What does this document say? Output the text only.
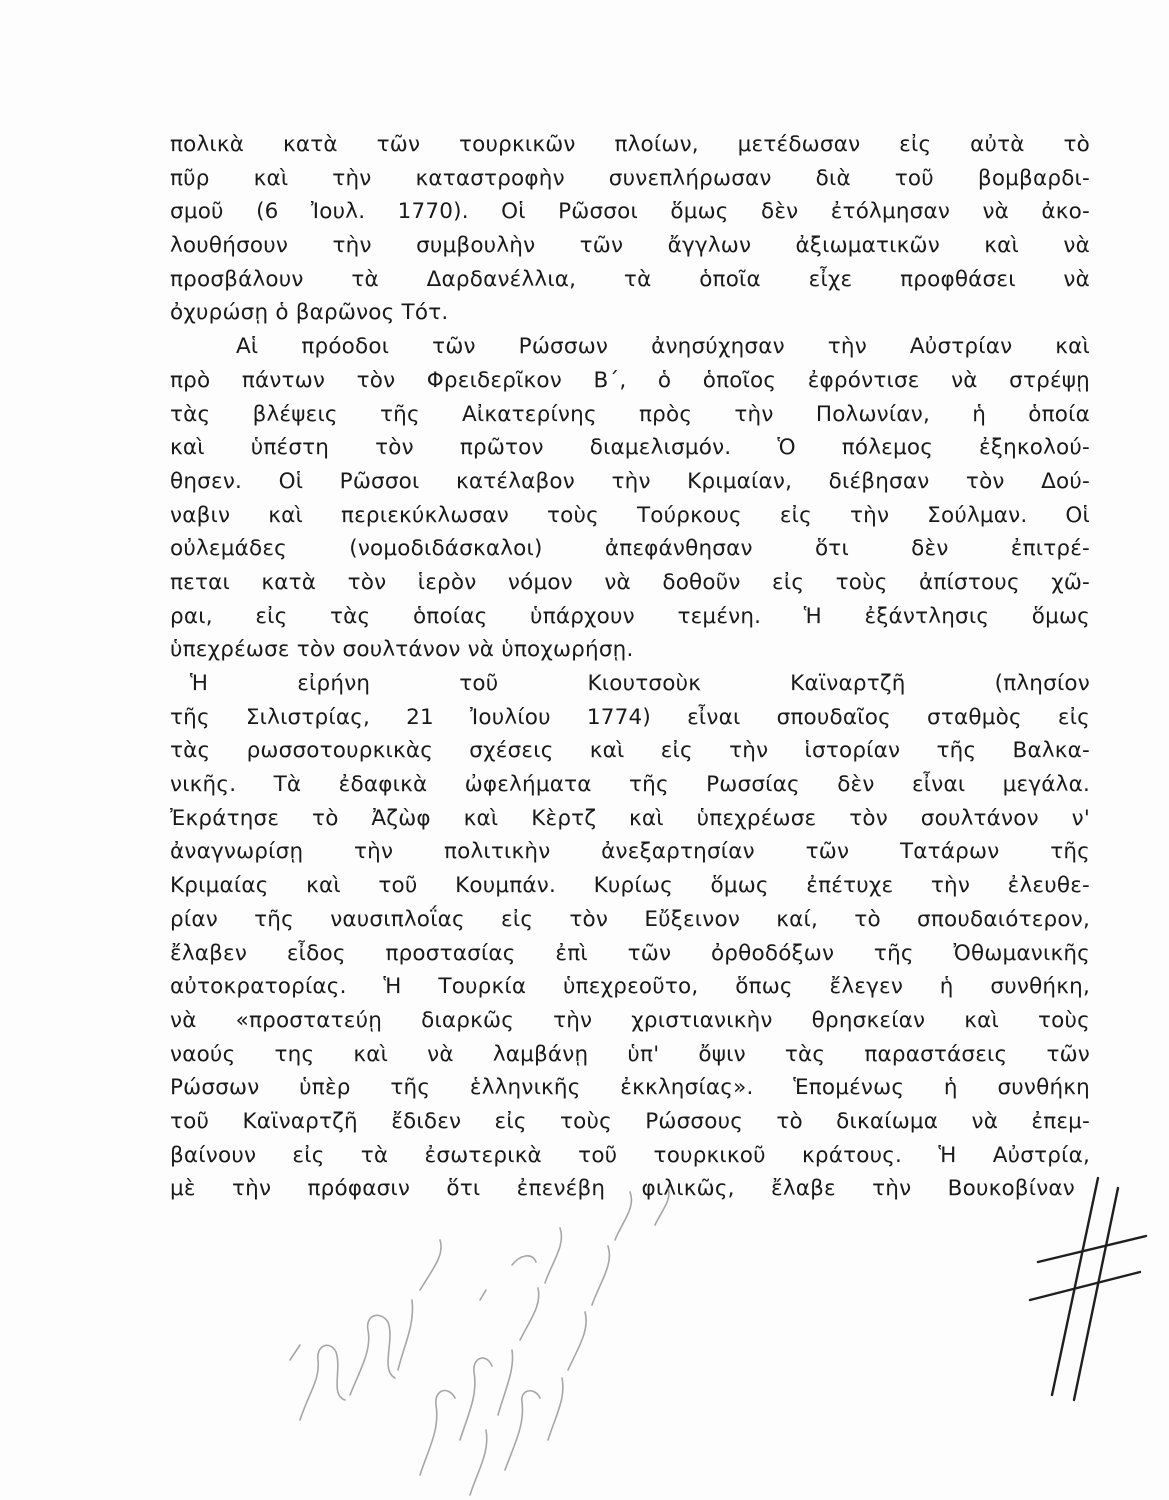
πολικὰ κατὰ τῶν τουρκικῶν πλοίων, μετέδωσαν εἰς αὐτὰ τὸ
πῦρ καὶ τὴν καταστροφὴν συνεπλήρωσαν διὰ τοῦ βομβαρδι-
σμοῦ (6 Ἰουλ. 1770). Οἱ Ρῶσσοι ὅμως δὲν ἐτόλμησαν νὰ ἀκο-
λουθήσουν τὴν συμβουλὴν τῶν ἄγγλων ἀξιωματικῶν καὶ νὰ
προσβάλουν τὰ Δαρδανέλλια, τὰ ὁποῖα εἶχε προφθάσει νὰ
ὀχυρώσῃ ὁ βαρῶνος Τότ.
Αἱ πρόοδοι τῶν Ρώσσων ἀνησύχησαν τὴν Αὐστρίαν καὶ
πρὸ πάντων τὸν Φρειδερῖκον Β΄, ὁ ὁποῖος ἐφρόντισε νὰ στρέψῃ
τὰς βλέψεις τῆς Αἰκατερίνης πρὸς τὴν Πολωνίαν, ἡ ὁποία
καὶ ὑπέστη τὸν πρῶτον διαμελισμόν. Ὁ πόλεμος ἐξηκολού-
θησεν. Οἱ Ρῶσσοι κατέλαβον τὴν Κριμαίαν, διέβησαν τὸν Δού-
ναβιν καὶ περιεκύκλωσαν τοὺς Τούρκους εἰς τὴν Σούλμαν. Οἱ
οὐλεμάδες (νομοδιδάσκαλοι) ἀπεφάνθησαν ὅτι δὲν ἐπιτρέ-
πεται κατὰ τὸν ἱερὸν νόμον νὰ δοθοῦν εἰς τοὺς ἀπίστους χῶ-
ραι, εἰς τὰς ὁποίας ὑπάρχουν τεμένη. Ἡ ἐξάντλησις ὅμως
ὑπεχρέωσε τὸν σουλτάνον νὰ ὑποχωρήσῃ.
Ἡ εἰρήνη τοῦ Κιουτσοὺκ Καϊναρτζῆ (πλησίον
τῆς Σιλιστρίας, 21 Ἰουλίου 1774) εἶναι σπουδαῖος σταθμὸς εἰς
τὰς ρωσσοτουρκικὰς σχέσεις καὶ εἰς τὴν ἱστορίαν τῆς Βαλκα-
νικῆς. Τὰ ἐδαφικὰ ὠφελήματα τῆς Ρωσσίας δὲν εἶναι μεγάλα.
Ἐκράτησε τὸ Ἀζὼφ καὶ Κὲρτζ καὶ ὑπεχρέωσε τὸν σουλτάνον ν'
ἀναγνωρίσῃ τὴν πολιτικὴν ἀνεξαρτησίαν τῶν Τατάρων τῆς
Κριμαίας καὶ τοῦ Κουμπάν. Κυρίως ὅμως ἐπέτυχε τὴν ἐλευθε-
ρίαν τῆς ναυσιπλοΐας εἰς τὸν Εὔξεινον καί, τὸ σπουδαιότερον,
ἔλαβεν εἶδος προστασίας ἐπὶ τῶν ὀρθοδόξων τῆς Ὀθωμανικῆς
αὐτοκρατορίας. Ἡ Τουρκία ὑπεχρεοῦτο, ὅπως ἔλεγεν ἡ συνθήκη,
νὰ «προστατεύῃ διαρκῶς τὴν χριστιανικὴν θρησκείαν καὶ τοὺς
ναούς της καὶ νὰ λαμβάνῃ ὑπ' ὄψιν τὰς παραστάσεις τῶν
Ρώσσων ὑπὲρ τῆς ἑλληνικῆς ἐκκλησίας». Ἑπομένως ἡ συνθήκη
τοῦ Καϊναρτζῆ ἔδιδεν εἰς τοὺς Ρώσσους τὸ δικαίωμα νὰ ἐπεμ-
βαίνουν εἰς τὰ ἐσωτερικὰ τοῦ τουρκικοῦ κράτους. Ἡ Αὐστρία,
μὲ τὴν πρόφασιν ὅτι ἐπενέβη φιλικῶς, ἔλαβε τὴν Βουκοβίναν
